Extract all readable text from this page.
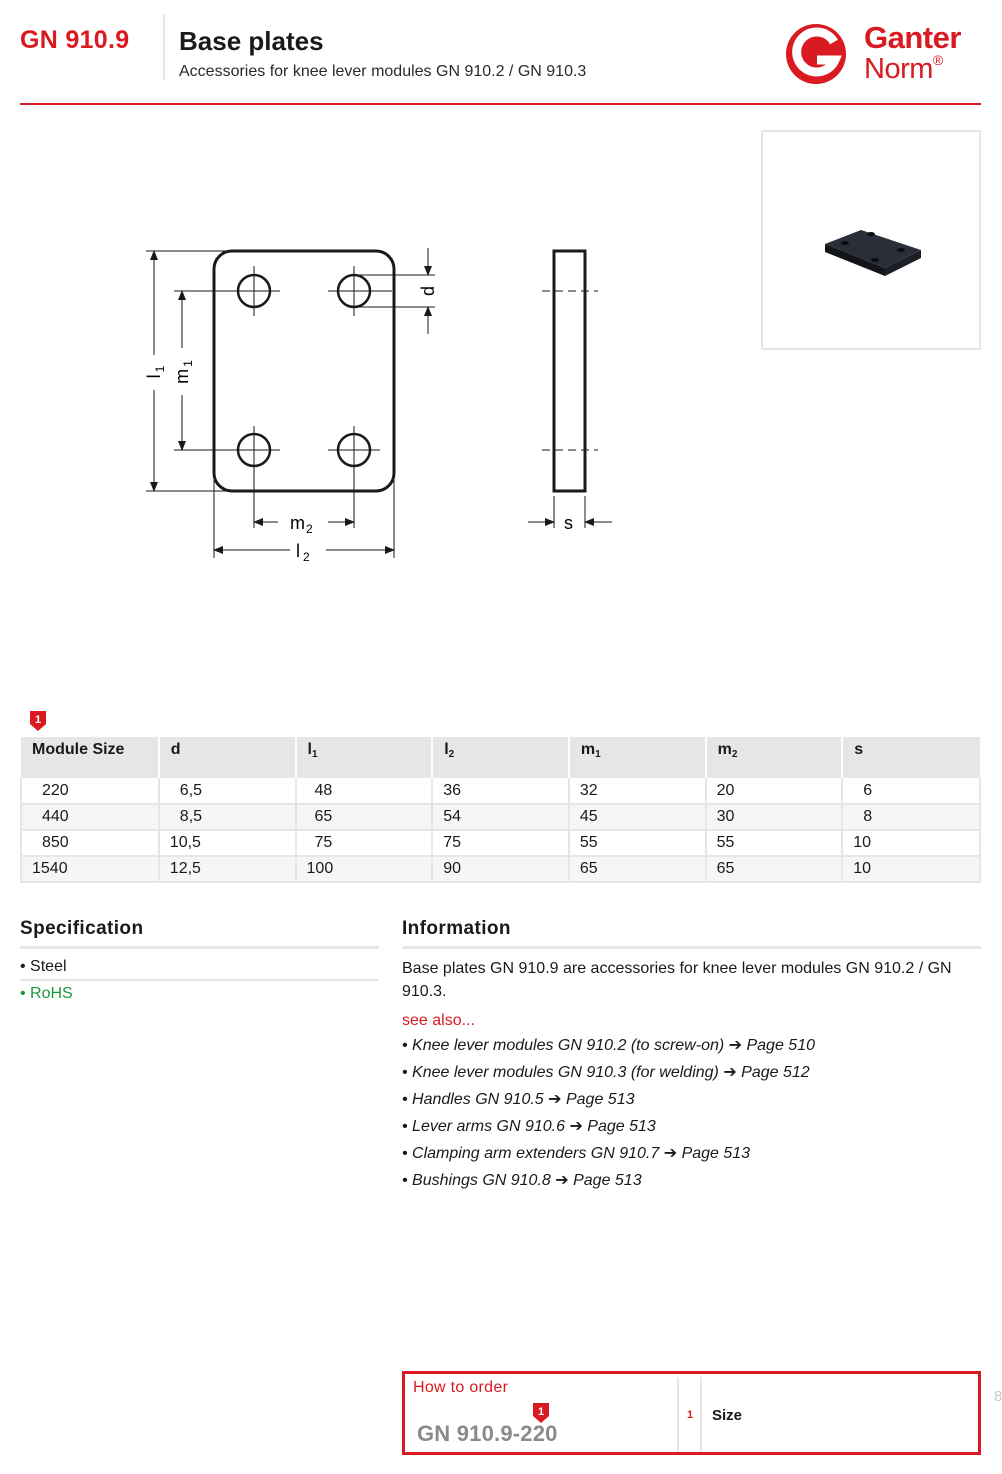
GN 910.9 Base plates
Accessories for knee lever modules GN 910.2 / GN 910.3
Ganter
Norm®
$l_1$ $m_1$
d
$m_2$
l $_2$
s
1
Module Size	d	$l_1$	$l_2$	$m_1$	$m_2$	s
220	6,5	48	36	32	20	6
440	8,5	65	54	45	30	8
850	10,5	75	75	55	55	10
1540	12,5	100	90	65	65	10
Specification
• Steel
• RoHS
Information
Base plates GN 910.9 are accessories for knee lever modules GN 910.2 / GN 910.3.
see also...
• Knee lever modules GN 910.2 (to screw-on) ➔ Page 510
• Knee lever modules GN 910.3 (for welding) ➔ Page 512
• Handles GN 910.5 ➔ Page 513
• Lever arms GN 910.6 ➔ Page 513
• Clamping arm extenders GN 910.7 ➔ Page 513
• Bushings GN 910.8 ➔ Page 513
How to order
1
GN 910.9-220
1 Size
8
